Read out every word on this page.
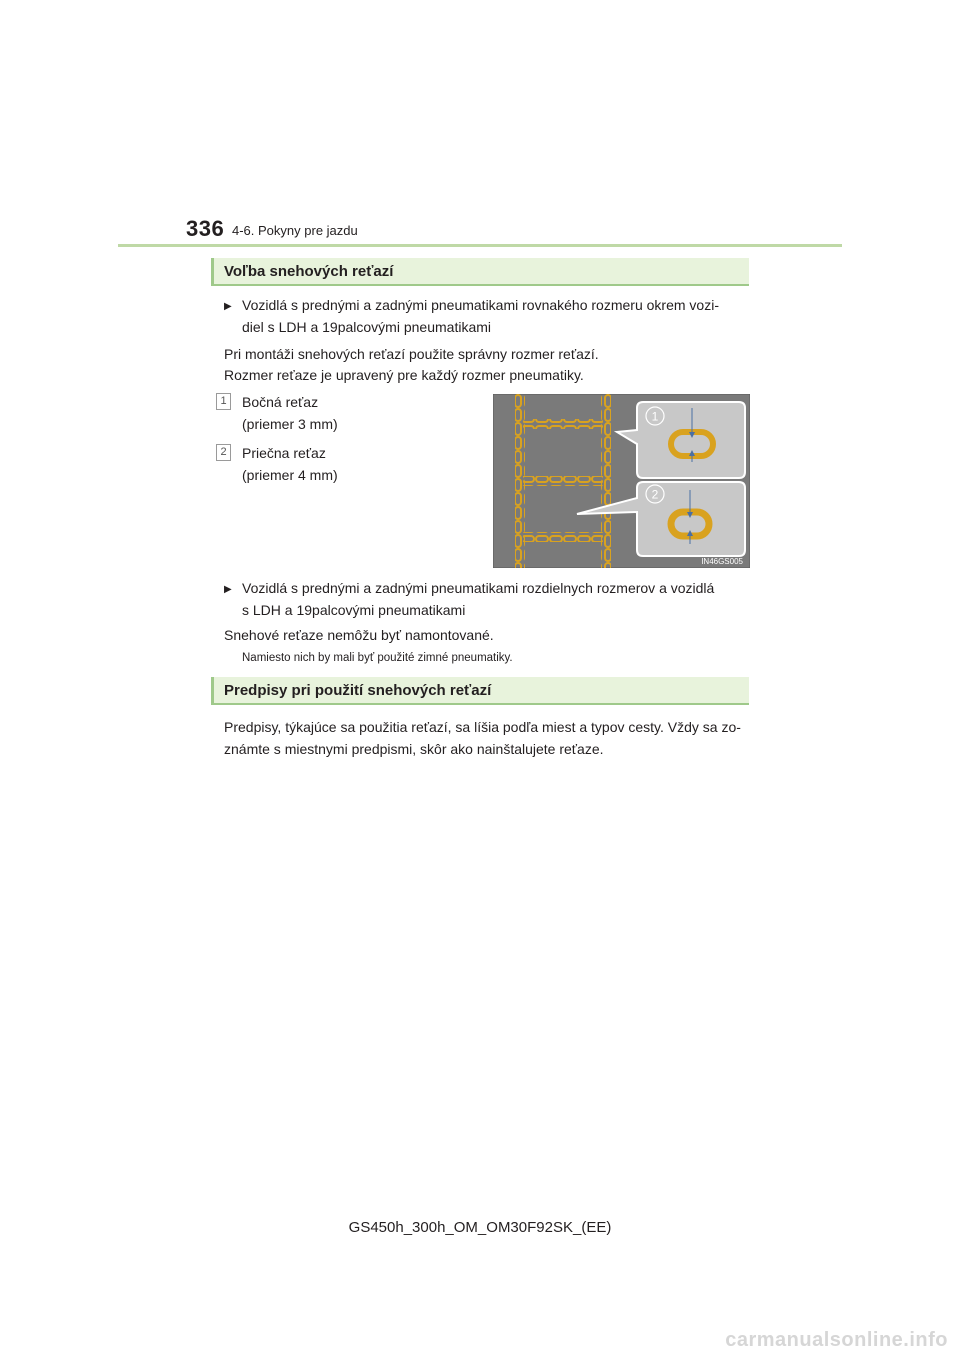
336 4-6. Pokyny pre jazdu
Voľba snehových reťazí
▶ Vozidlá s prednými a zadnými pneumatikami rovnakého rozmeru okrem vozi-
diel s LDH a 19palcovými pneumatikami
Pri montáži snehových reťazí použite správny rozmer reťazí.
Rozmer reťaze je upravený pre každý rozmer pneumatiky.
1	Bočná reťaz
(priemer 3 mm)
2	Priečna reťaz
(priemer 4 mm)
1
2
IN46GS005
▶ Vozidlá s prednými a zadnými pneumatikami rozdielnych rozmerov a vozidlá
s LDH a 19palcovými pneumatikami
Snehové reťaze nemôžu byť namontované.
Namiesto nich by mali byť použité zimné pneumatiky.
Predpisy pri použití snehových reťazí
Predpisy, týkajúce sa použitia reťazí, sa líšia podľa miest a typov cesty. Vždy sa zo-
známte s miestnymi predpismi, skôr ako nainštalujete reťaze.
GS450h_300h_OM_OM30F92SK_(EE)
carmanualsonline.info
